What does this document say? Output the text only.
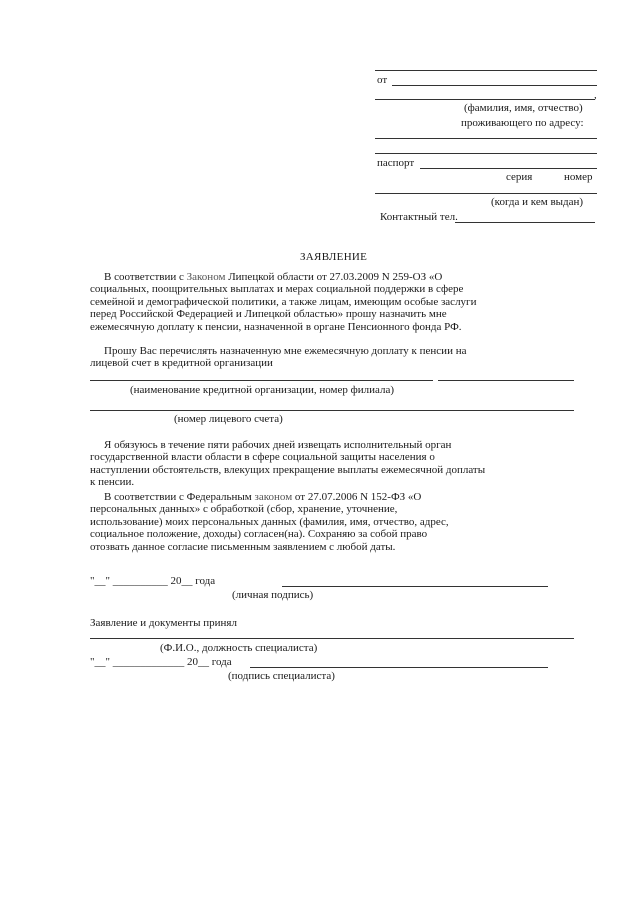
от
,
(фамилия, имя, отчество)
проживающего по адресу:
паспорт
серия	номер
(когда и кем выдан)
Контактный тел.
ЗАЯВЛЕНИЕ

В соответствии с Законом Липецкой области от 27.03.2009 N 259-ОЗ «О

социальных, поощрительных выплатах и мерах социальной поддержки в сфере

семейной и демографической политики, а также лицам, имеющим особые заслуги

перед Российской Федерацией и Липецкой областью» прошу назначить мне

ежемесячную доплату к пенсии, назначенной в органе Пенсионного фонда РФ.

Прошу Вас перечислять назначенную мне ежемесячную доплату к пенсии на

лицевой счет в кредитной организации

(наименование кредитной организации, номер филиала)
(номер лицевого счета)

Я обязуюсь в течение пяти рабочих дней извещать исполнительный орган

государственной власти области в сфере социальной защиты населения о

наступлении обстоятельств, влекущих прекращение выплаты ежемесячной доплаты

к пенсии.

В соответствии с Федеральным законом от 27.07.2006 N 152-ФЗ «О

персональных данных» с обработкой (сбор, хранение, уточнение,

использование) моих персональных данных (фамилия, имя, отчество, адрес,

социальное положение, доходы) согласен(на). Сохраняю за собой право

отозвать данное согласие письменным заявлением с любой даты.

"__" __________ 20__ года
(личная подпись)
Заявление и документы принял
(Ф.И.О., должность специалиста)
"__" _____________ 20__ года
(подпись специалиста)
